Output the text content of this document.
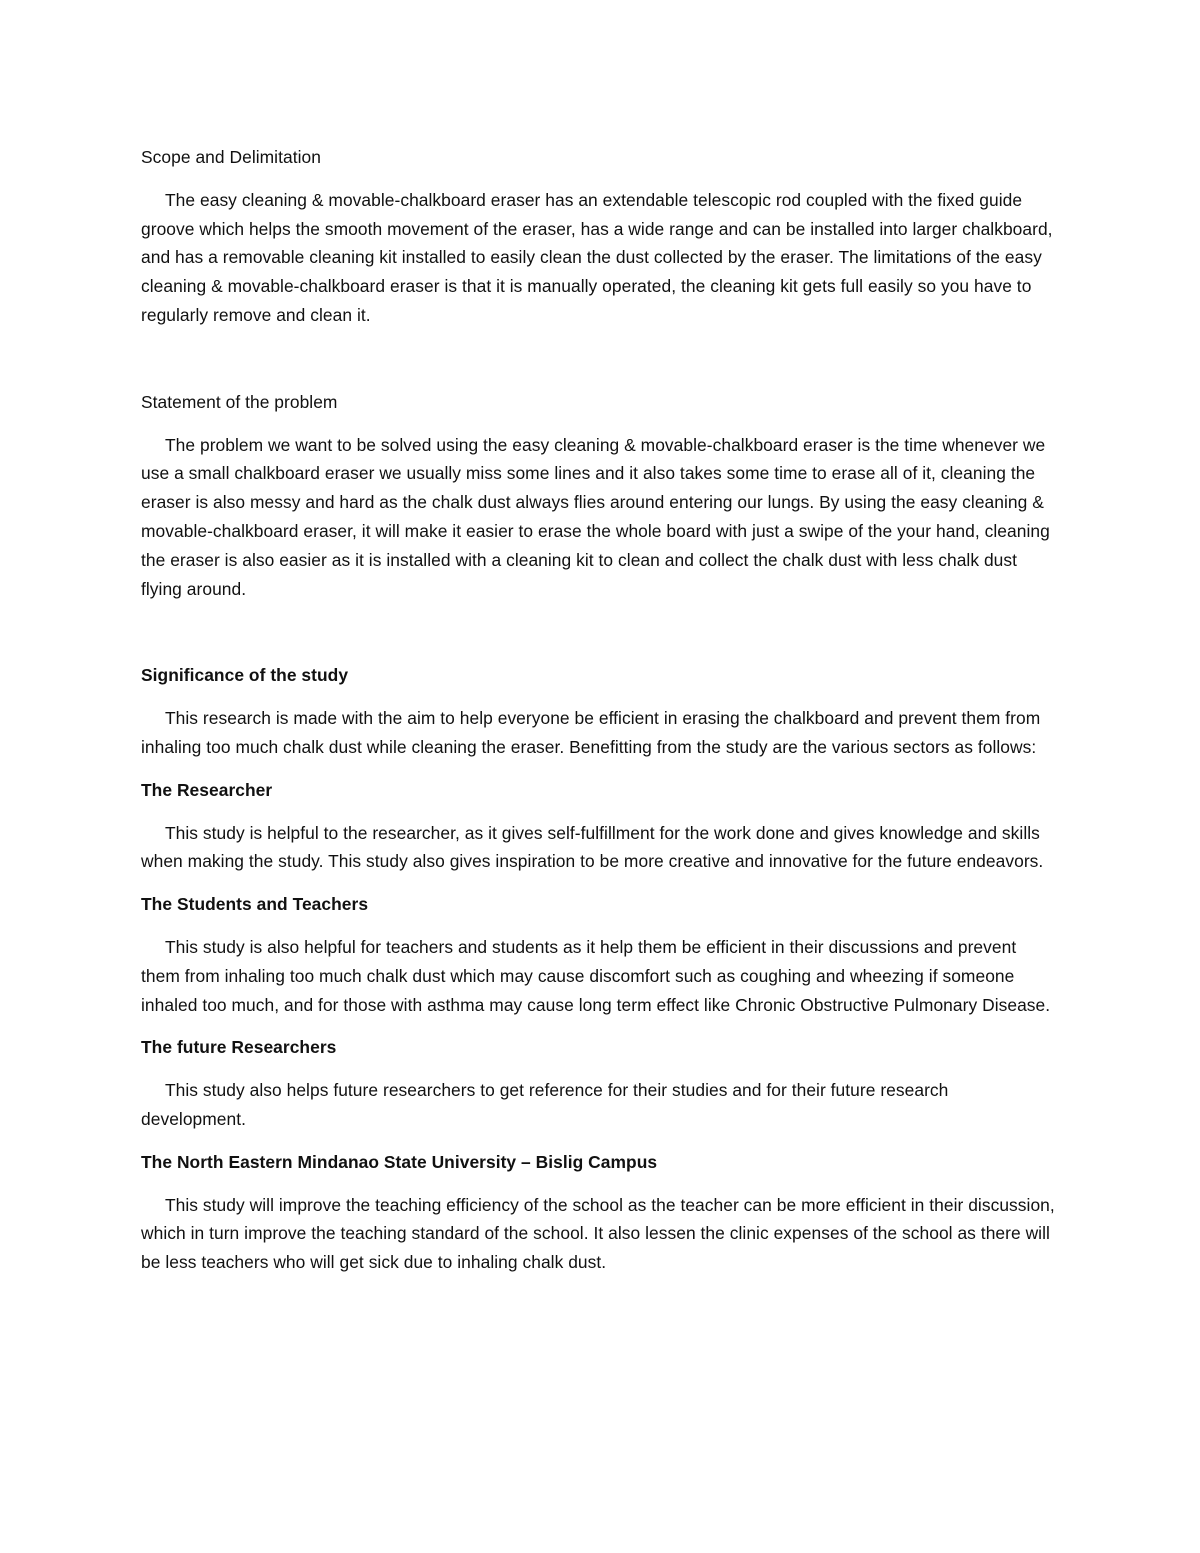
Scope and Delimitation

The easy cleaning & movable-chalkboard eraser has an extendable telescopic rod coupled with the fixed guide groove which helps the smooth movement of the eraser, has a wide range and can be installed into larger chalkboard, and has a removable cleaning kit installed to easily clean the dust collected by the eraser. The limitations of the easy cleaning & movable-chalkboard eraser is that it is manually operated, the cleaning kit gets full easily so you have to regularly remove and clean it.

Statement of the problem

The problem we want to be solved using the easy cleaning & movable-chalkboard eraser is the time whenever we use a small chalkboard eraser we usually miss some lines and it also takes some time to erase all of it, cleaning the eraser is also messy and hard as the chalk dust always flies around entering our lungs. By using the easy cleaning & movable-chalkboard eraser, it will make it easier to erase the whole board with just a swipe of the your hand, cleaning the eraser is also easier as it is installed with a cleaning kit to clean and collect the chalk dust with less chalk dust flying around.

Significance of the study

This research is made with the aim to help everyone be efficient in erasing the chalkboard and prevent them from inhaling too much chalk dust while cleaning the eraser. Benefitting from the study are the various sectors as follows:

The Researcher

This study is helpful to the researcher, as it gives self-fulfillment for the work done and gives knowledge and skills when making the study. This study also gives inspiration to be more creative and innovative for the future endeavors.

The Students and Teachers

This study is also helpful for teachers and students as it help them be efficient in their discussions and prevent them from inhaling too much chalk dust which may cause discomfort such as coughing and wheezing if someone inhaled too much, and for those with asthma may cause long term effect like Chronic Obstructive Pulmonary Disease.

The future Researchers

This study also helps future researchers to get reference for their studies and for their future research development.

The North Eastern Mindanao State University – Bislig Campus

This study will improve the teaching efficiency of the school as the teacher can be more efficient in their discussion, which in turn improve the teaching standard of the school. It also lessen the clinic expenses of the school as there will be less teachers who will get sick due to inhaling chalk dust.
